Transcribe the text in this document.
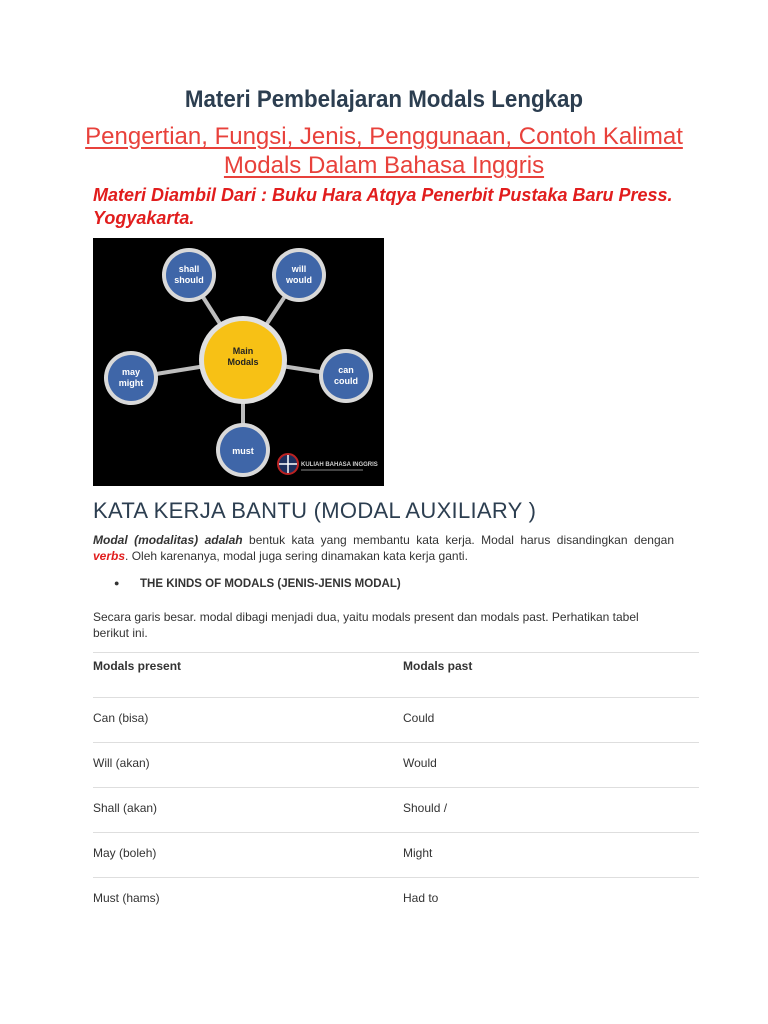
Materi Pembelajaran Modals Lengkap
Pengertian, Fungsi, Jenis, Penggunaan, Contoh Kalimat Modals Dalam Bahasa Inggris
Materi Diambil Dari : Buku Hara Atqya Penerbit Pustaka Baru Press. Yogyakarta.
Main
Modals
shall
should
will
would
may
might
can
could
must
KULIAH BAHASA INGGRIS
KATA KERJA BANTU (MODAL AUXILIARY )
Modal (modalitas) adalah bentuk kata yang membantu kata kerja. Modal harus disandingkan dengan verbs. Oleh karenanya, modal juga sering dinamakan kata kerja ganti.
● THE KINDS OF MODALS (JENIS-JENIS MODAL)
Secara garis besar. modal dibagi menjadi dua, yaitu modals present dan modals past. Perhatikan tabel berikut ini.
Modals present	Modals past
Can (bisa)	Could
Will (akan)	Would
Shall (akan)	Should /
May (boleh)	Might
Must (hams)	Had to
